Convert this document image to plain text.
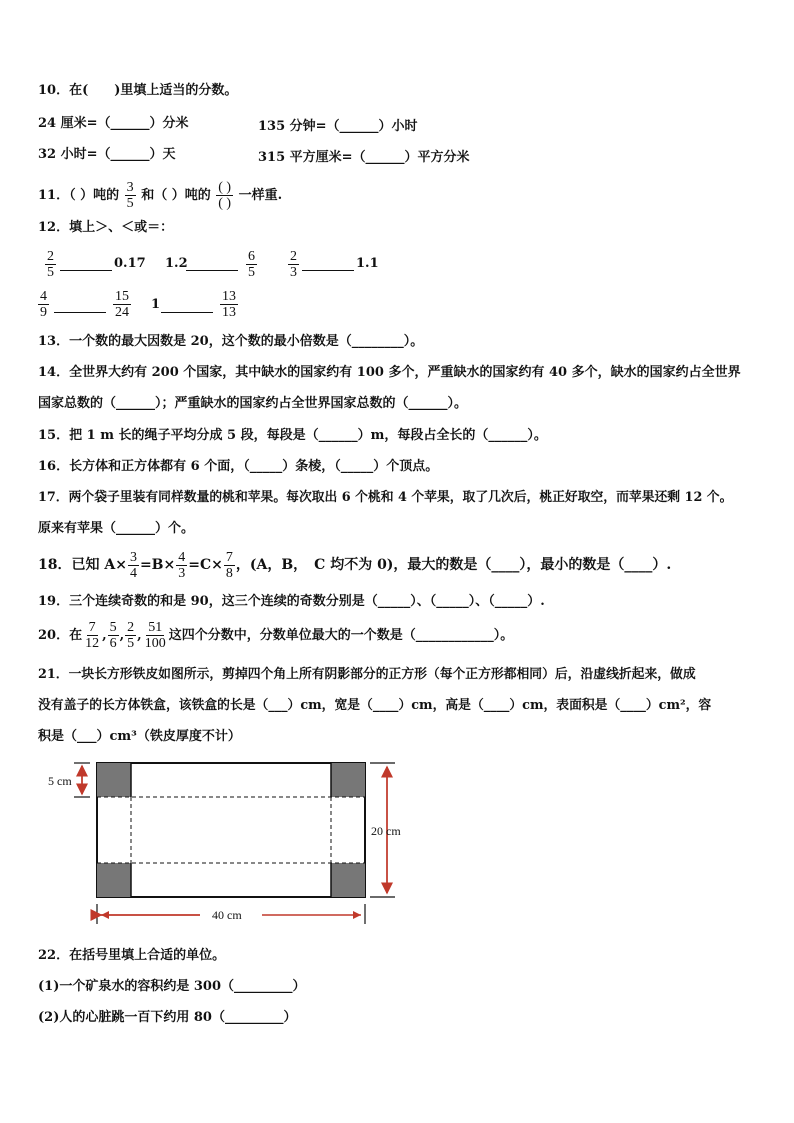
10．在(　　)里填上适当的分数。
24 厘米=（______）分米	135 分钟=（______）小时
32 小时=（______）天	315 平方厘米=（______）平方分米
11．（ ）吨的 $\frac{3}{5}$ 和（ ）吨的 $\frac{( )}{( )}$ 一样重.
12．填上＞、＜或＝：
$\frac{2}{5}$	0.17 1.2	$\frac{6}{5} \frac{2}{3}$	1.1
$\frac{4}{9}$	$\frac{15}{24} 1$	$\frac{13}{13}$
13．一个数的最大因数是 20，这个数的最小倍数是（________）。
14．全世界大约有 200 个国家，其中缺水的国家约有 100 多个，严重缺水的国家约有 40 多个，缺水的国家约占全世界
国家总数的（______）；严重缺水的国家约占全世界国家总数的（______）。
15．把 1 m 长的绳子平均分成 5 段，每段是（______）m，每段占全长的（______）。
16．长方体和正方体都有 6 个面，（_____）条棱，（_____）个顶点。
17．两个袋子里装有同样数量的桃和苹果。每次取出 6 个桃和 4 个苹果，取了几次后，桃正好取空，而苹果还剩 12 个。
原来有苹果（______）个。
18．已知 $A\times \frac{3}{4} =B\times \frac{4}{3} =C\times \frac{7}{8}$ ，(A，B，　C 均不为 0)，最大的数是（____），最小的数是（____）.
19．三个连续奇数的和是 90，这三个连续的奇数分别是（_____）、（_____）、（_____）.
20．在 $\frac{7}{12}$ , $\frac{5}{6}$ , $\frac{2}{5}$ , $\frac{51}{100}$ 这四个分数中，分数单位最大的一个数是（____________）。
21．一块长方形铁皮如图所示，剪掉四个角上所有阴影部分的正方形（每个正方形都相同）后，沿虚线折起来，做成
没有盖子的长方体铁盒，该铁盒的长是（___）cm，宽是（____）cm，高是（____）cm，表面积是（____）cm²，容
积是（___）cm³（铁皮厚度不计）
5 cm
20 cm
40 cm
22．在括号里填上合适的单位。
(1)一个矿泉水的容积约是 300（_________）
(2)人的心脏跳一百下约用 80（_________）
